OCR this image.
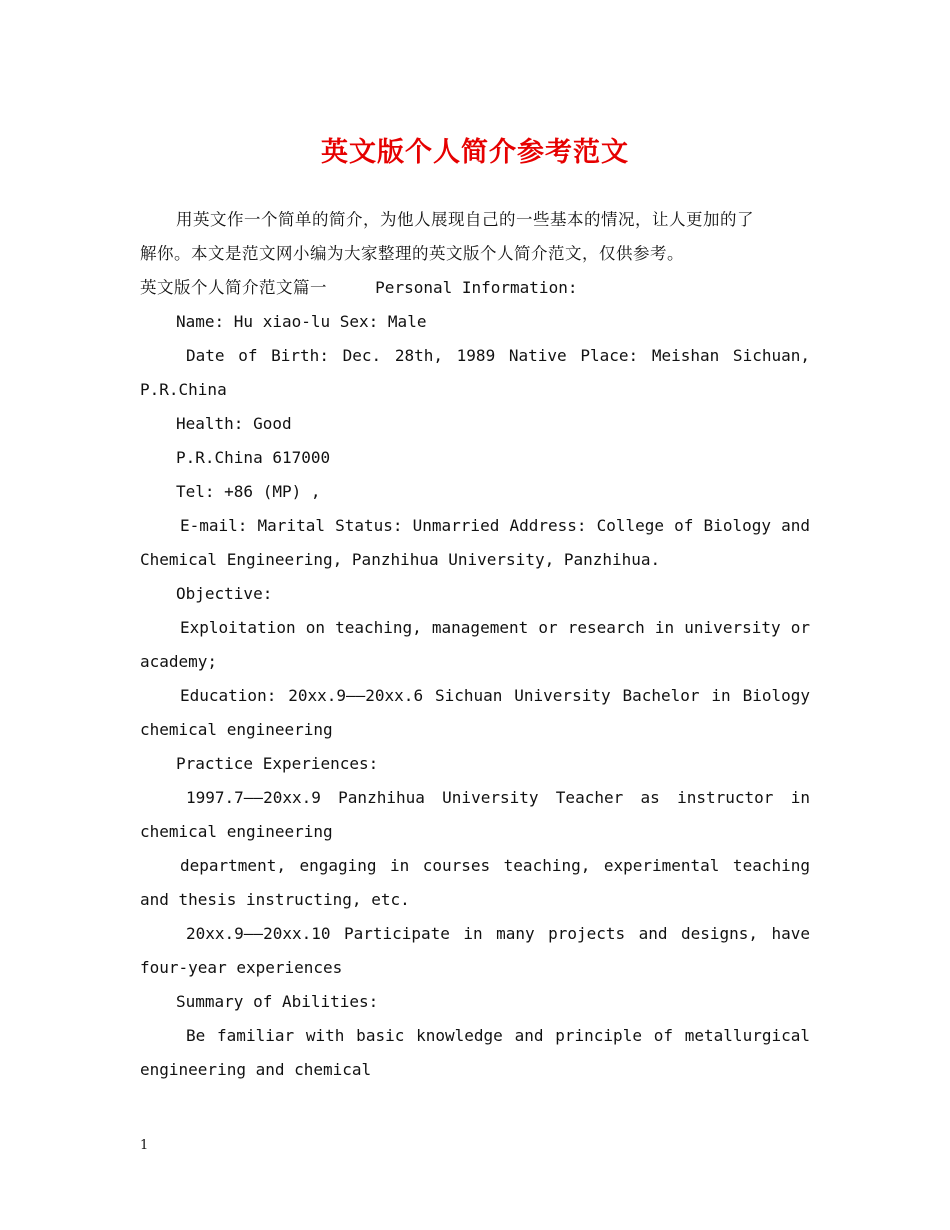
英文版个人简介参考范文

用英文作一个简单的简介，为他人展现自己的一些基本的情况，让人更加的了

解你。本文是范文网小编为大家整理的英文版个人简介范文，仅供参考。

英文版个人简介范文篇一	Personal Information:

Name: Hu xiao-lu Sex: Male

Date of Birth: Dec. 28th, 1989 Native Place: Meishan Sichuan, P.R.China

Health: Good

P.R.China 617000

Tel: +86 (MP) ,

E-mail: Marital Status: Unmarried Address: College of Biology and Chemical Engineering, Panzhihua University, Panzhihua.

Objective:

Exploitation on teaching, management or research in university or academy;

Education: 20xx.9——20xx.6 Sichuan University Bachelor in Biology chemical engineering

Practice Experiences:

1997.7——20xx.9 Panzhihua University Teacher as instructor in chemical engineering

department, engaging in courses teaching, experimental teaching and thesis instructing, etc.

20xx.9——20xx.10 Participate in many projects and designs, have four-year experiences

Summary of Abilities:

Be familiar with basic knowledge and principle of metallurgical engineering and chemical

1
